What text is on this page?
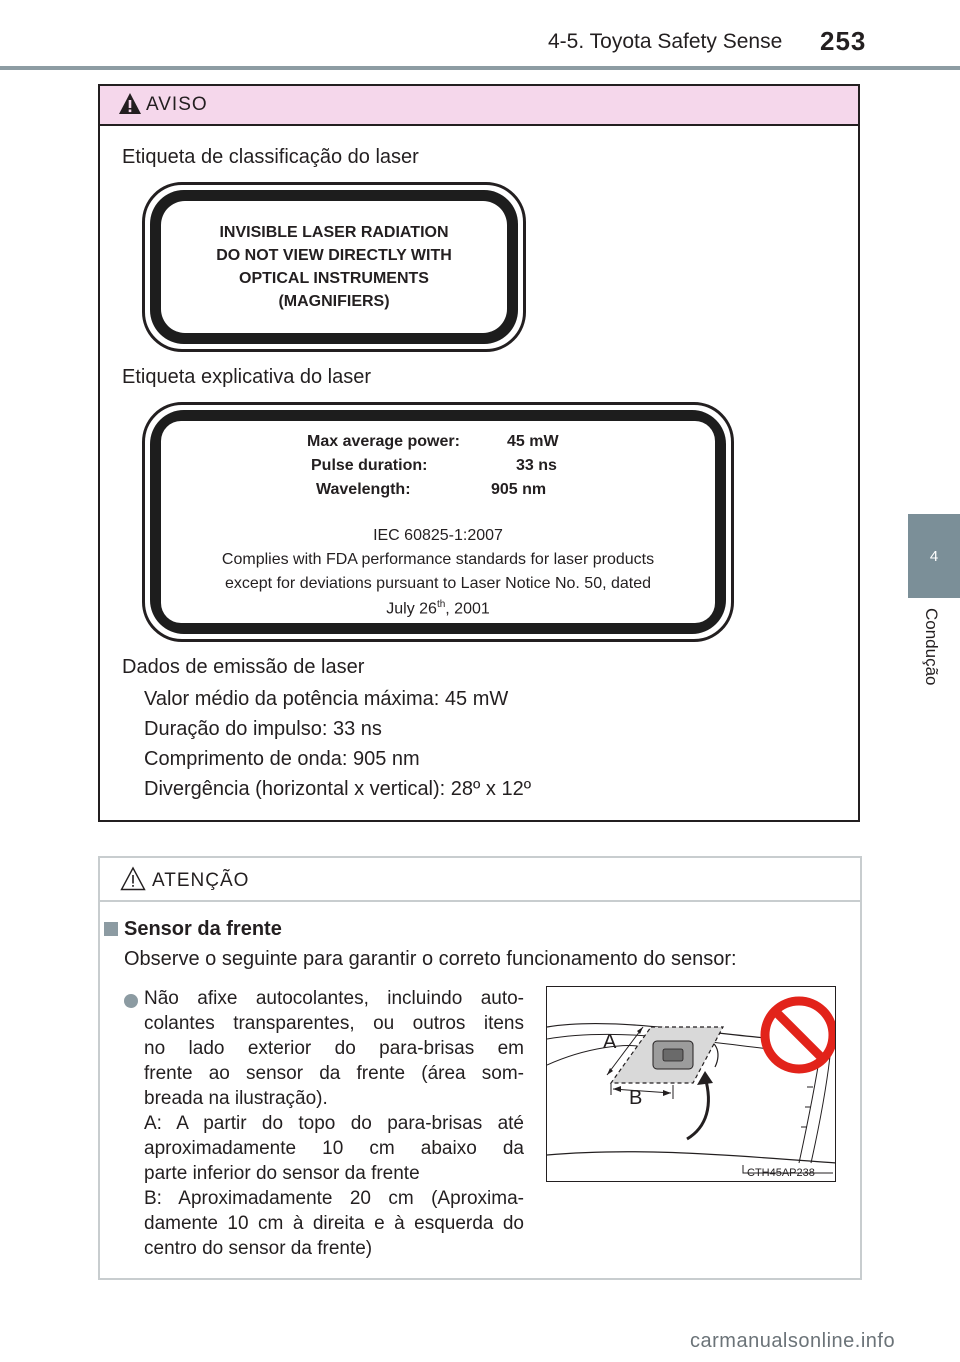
4-5. Toyota Safety Sense 253
4
Condução
AVISO
Etiqueta de classificação do laser
INVISIBLE LASER RADIATION
DO NOT VIEW DIRECTLY WITH
OPTICAL INSTRUMENTS
(MAGNIFIERS)
Etiqueta explicativa do laser
Max average power:	45 mW
Pulse duration:	33 ns
Wavelength:	905 nm
IEC 60825-1:2007
Complies with FDA performance standards for laser products
except for deviations pursuant to Laser Notice No. 50, dated
July 26th, 2001
Dados de emissão de laser
Valor médio da potência máxima: 45 mW
Duração do impulso: 33 ns
Comprimento de onda: 905 nm
Divergência (horizontal x vertical): 28º x 12º
ATENÇÃO
Sensor da frente
Observe o seguinte para garantir o correto funcionamento do sensor:
Não afixe autocolantes, incluindo auto-
colantes transparentes, ou outros itens
no lado exterior do para-brisas em
frente ao sensor da frente (área som-
breada na ilustração).
A: A partir do topo do para-brisas até
aproximadamente 10 cm abaixo da
parte inferior do sensor da frente
B: Aproximadamente 20 cm (Aproxima-
damente 10 cm à direita e à esquerda do
centro do sensor da frente)
A
B
CTH45AP238
carmanualsonline.info
